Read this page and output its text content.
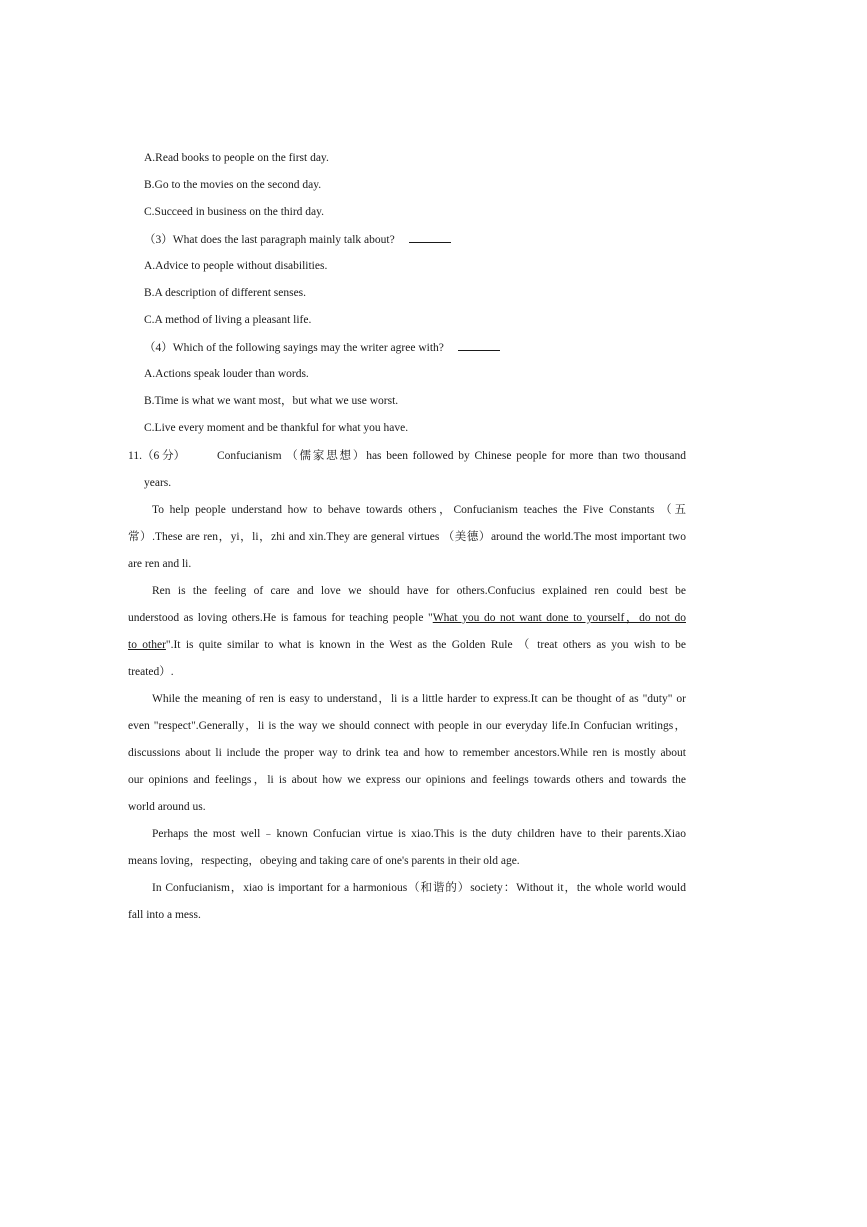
A.Read books to people on the first day.
B.Go to the movies on the second day.
C.Succeed in business on the third day.
（3）What does the last paragraph mainly talk about?
A.Advice to people without disabilities.
B.A description of different senses.
C.A method of living a pleasant life.
（4）Which of the following sayings may the writer agree with?
A.Actions speak louder than words.
B.Time is what we want most，but what we use worst.
C.Live every moment and be thankful for what you have.
11.（6 分）	Confucianism （儒家思想）has been followed by Chinese people for more than two thousand
years.
To help people understand how to behave towards others，Confucianism teaches the Five Constants （五
常）.These are ren，yi，li，zhi and xin.They are general virtues （美德）around the world.The most important two
are ren and li.
Ren is the feeling of care and love we should have for others.Confucius explained ren could best be
understood as loving others.He is famous for teaching people "What you do not want done to yourself，do not do
to other".It is quite similar to what is known in the West as the Golden Rule （ treat others as you wish to be
treated）.
While the meaning of ren is easy to understand，li is a little harder to express.It can be thought of as "duty" or
even "respect".Generally，li is the way we should connect with people in our everyday life.In Confucian writings，
discussions about li include the proper way to drink tea and how to remember ancestors.While ren is mostly about
our opinions and feelings，li is about how we express our opinions and feelings towards others and towards the
world around us.
Perhaps the most well﹣known Confucian virtue is xiao.This is the duty children have to their parents.Xiao
means loving，respecting，obeying and taking care of one's parents in their old age.
In Confucianism，xiao is important for a harmonious（和谐的）society：Without it，the whole world would
fall into a mess.
